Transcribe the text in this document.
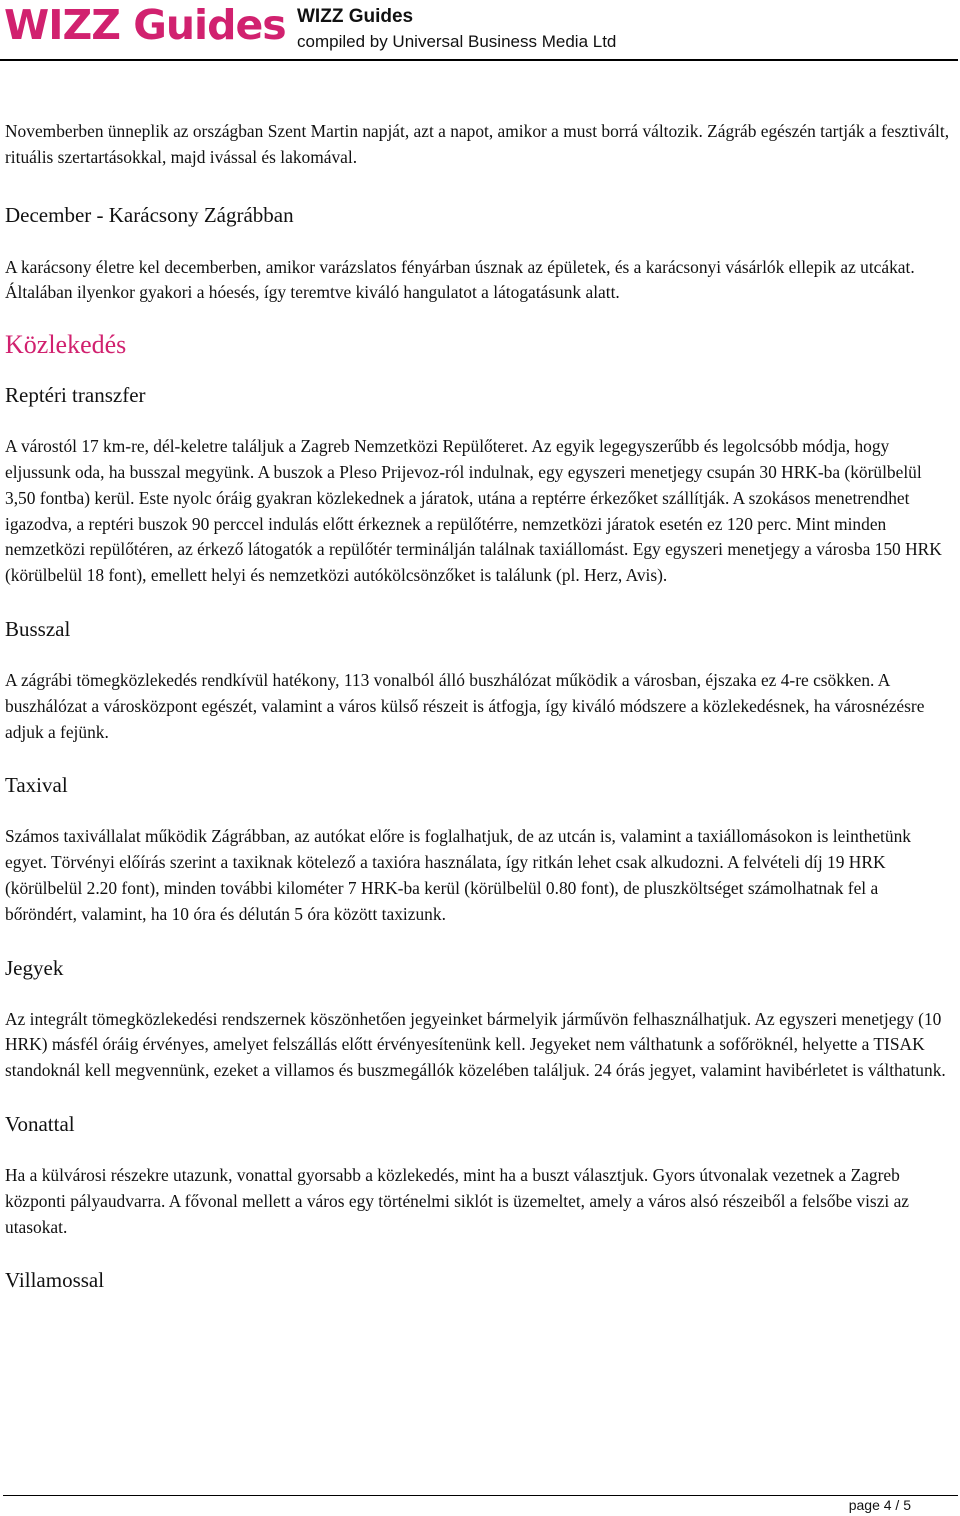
WIZZ Guides WIZZ Guides
compiled by Universal Business Media Ltd

Novemberben ünneplik az országban Szent Martin napját, azt a napot, amikor a must borrá változik. Zágráb egészén tartják a fesztivált, rituális szertartásokkal, majd ivással és lakomával.

December - Karácsony Zágrábban

A karácsony életre kel decemberben, amikor varázslatos fényárban úsznak az épületek, és a karácsonyi vásárlók ellepik az utcákat. Általában ilyenkor gyakori a hóesés, így teremtve kiváló hangulatot a látogatásunk alatt.

Közlekedés
Reptéri transzfer

A várostól 17 km-re, dél-keletre találjuk a Zagreb Nemzetközi Repülőteret. Az egyik legegyszerűbb és legolcsóbb módja, hogy eljussunk oda, ha busszal megyünk. A buszok a Pleso Prijevoz-ról indulnak, egy egyszeri menetjegy csupán 30 HRK-ba (körülbelül 3,50 fontba) kerül. Este nyolc óráig gyakran közlekednek a járatok, utána a reptérre érkezőket szállítják. A szokásos menetrendhet igazodva, a reptéri buszok 90 perccel indulás előtt érkeznek a repülőtérre, nemzetközi járatok esetén ez 120 perc. Mint minden nemzetközi repülőtéren, az érkező látogatók a repülőtér terminálján találnak taxiállomást. Egy egyszeri menetjegy a városba 150 HRK (körülbelül 18 font), emellett helyi és nemzetközi autókölcsönzőket is találunk (pl. Herz, Avis).

Busszal

A zágrábi tömegközlekedés rendkívül hatékony, 113 vonalból álló buszhálózat működik a városban, éjszaka ez 4-re csökken. A buszhálózat a városközpont egészét, valamint a város külső részeit is átfogja, így kiváló módszere a közlekedésnek, ha városnézésre adjuk a fejünk.

Taxival

Számos taxivállalat működik Zágrábban, az autókat előre is foglalhatjuk, de az utcán is, valamint a taxiállomásokon is leinthetünk egyet. Törvényi előírás szerint a taxiknak kötelező a taxióra használata, így ritkán lehet csak alkudozni. A felvételi díj 19 HRK (körülbelül 2.20 font), minden további kilométer 7 HRK-ba kerül (körülbelül 0.80 font), de pluszköltséget számolhatnak fel a bőröndért, valamint, ha 10 óra és délután 5 óra között taxizunk.

Jegyek

Az integrált tömegközlekedési rendszernek köszönhetően jegyeinket bármelyik járművön felhasználhatjuk. Az egyszeri menetjegy (10 HRK) másfél óráig érvényes, amelyet felszállás előtt érvényesítenünk kell. Jegyeket nem válthatunk a sofőröknél, helyette a TISAK standoknál kell megvennünk, ezeket a villamos és buszmegállók közelében találjuk. 24 órás jegyet, valamint havibérletet is válthatunk.

Vonattal

Ha a külvárosi részekre utazunk, vonattal gyorsabb a közlekedés, mint ha a buszt választjuk. Gyors útvonalak vezetnek a Zagreb központi pályaudvarra. A fővonal mellett a város egy történelmi siklót is üzemeltet, amely a város alsó részeiből a felsőbe viszi az utasokat.

Villamossal
page 4 / 5
